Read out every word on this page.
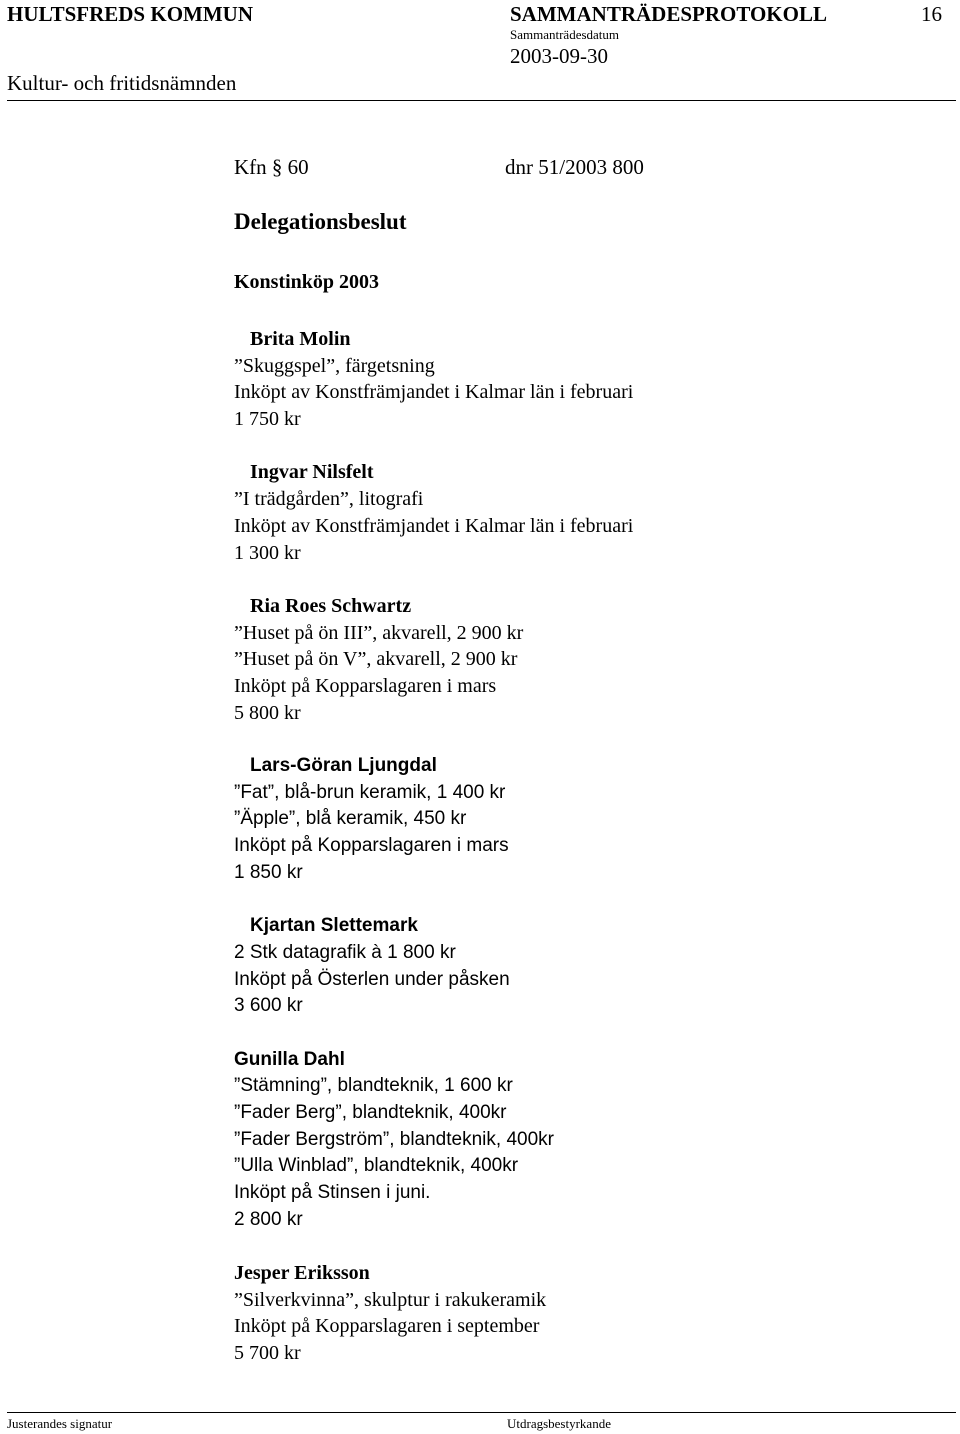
HULTSFREDS KOMMUN	SAMMANTRÄDESPROTOKOLL	16
Sammanträdesdatum
2003-09-30
Kultur- och fritidsnämnden
Kfn § 60	dnr 51/2003 800
Delegationsbeslut
Konstinköp 2003
Brita Molin
”Skuggspel”, färgetsning
Inköpt av Konstfrämjandet i Kalmar län i februari
1 750 kr
Ingvar Nilsfelt
”I trädgården”, litografi
Inköpt av Konstfrämjandet i Kalmar län i februari
1 300 kr
Ria Roes Schwartz
”Huset på ön III”, akvarell, 2 900 kr
”Huset på ön V”, akvarell, 2 900 kr
Inköpt på Kopparslagaren i mars
5 800 kr
Lars-Göran Ljungdal
”Fat”, blå-brun keramik, 1 400 kr
”Äpple”, blå keramik, 450 kr
Inköpt på Kopparslagaren i mars
1 850 kr
Kjartan Slettemark
2 Stk datagrafik à 1 800 kr
Inköpt på Österlen under påsken
3 600 kr
Gunilla Dahl
”Stämning”, blandteknik, 1 600 kr
”Fader Berg”, blandteknik, 400kr
”Fader Bergström”, blandteknik, 400kr
”Ulla Winblad”, blandteknik, 400kr
Inköpt på Stinsen i juni.
2 800 kr
Jesper Eriksson
”Silverkvinna”, skulptur i rakukeramik
Inköpt på Kopparslagaren i september
5 700 kr
Justerandes signatur	Utdragsbestyrkande
